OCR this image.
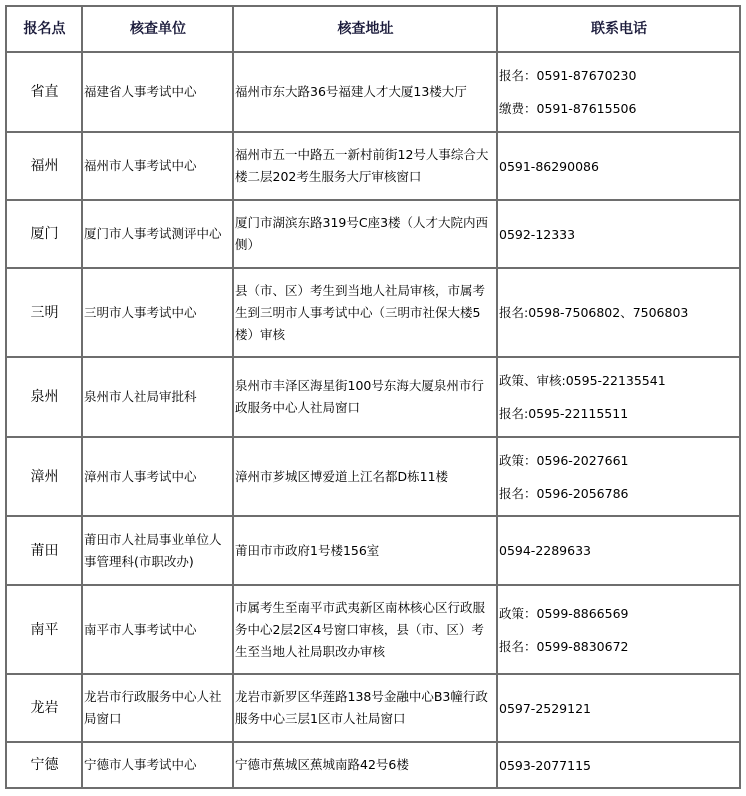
报名点	核查单位	核查地址	联系电话
省直	福建省人事考试中心	福州市东大路36号福建人才大厦13楼大厅	报名：0591-87670230
缴费：0591-87615506

福州	福州市人事考试中心	福州市五一中路五一新村前街12号人事综合大楼二层202考生服务大厅审核窗口	0591-86290086

厦门	厦门市人事考试测评中心	厦门市湖滨东路319号C座3楼（人才大院内西侧）	0592-12333

三明	三明市人事考试中心	县（市、区）考生到当地人社局审核，市属考生到三明市人事考试中心（三明市社保大楼5楼）审核	报名:0598-7506802、7506803

泉州	泉州市人社局审批科	泉州市丰泽区海星街100号东海大厦泉州市行政服务中心人社局窗口	政策、审核:0595-22135541
报名:0595-22115511

漳州	漳州市人事考试中心	漳州市芗城区博爱道上江名都D栋11楼	政策：0596-2027661
报名：0596-2056786

莆田	莆田市人社局事业单位人事管理科(市职改办)	莆田市市政府1号楼156室	0594-2289633

南平	南平市人事考试中心	市属考生至南平市武夷新区南林核心区行政服务中心2层2区4号窗口审核，县（市、区）考生至当地人社局职改办审核	政策：0599-8866569
报名：0599-8830672

龙岩	龙岩市行政服务中心人社局窗口	龙岩市新罗区华莲路138号金融中心B3幢行政服务中心三层1区市人社局窗口	0597-2529121

宁德	宁德市人事考试中心	宁德市蕉城区蕉城南路42号6楼	0593-2077115
